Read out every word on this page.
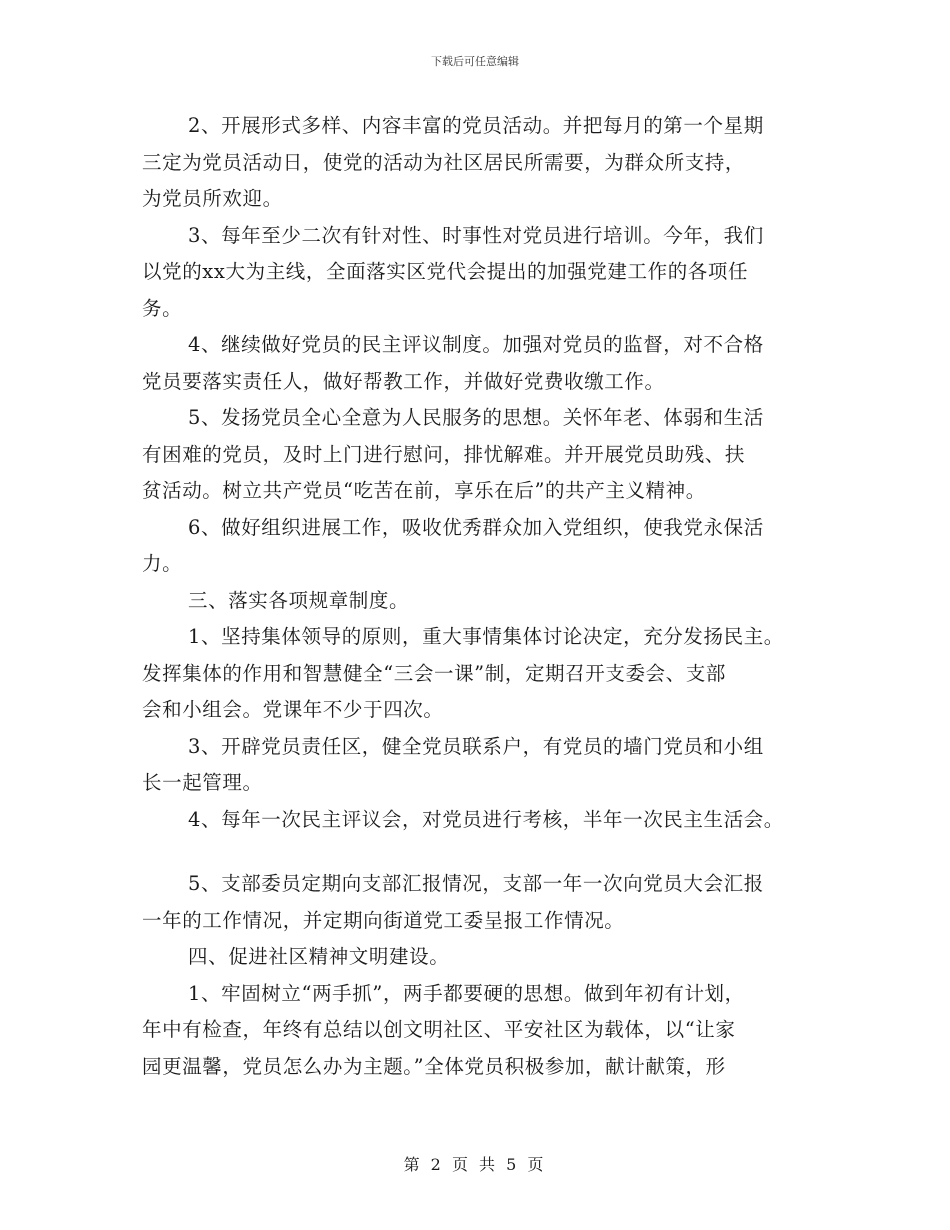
下载后可任意编辑

2、开展形式多样、内容丰富的党员活动。并把每月的第一个星期
三定为党员活动日，使党的活动为社区居民所需要，为群众所支持，
为党员所欢迎。

3、每年至少二次有针对性、时事性对党员进行培训。今年，我们
以党的xx大为主线，全面落实区党代会提出的加强党建工作的各项任
务。

4、继续做好党员的民主评议制度。加强对党员的监督，对不合格
党员要落实责任人，做好帮教工作，并做好党费收缴工作。

5、发扬党员全心全意为人民服务的思想。关怀年老、体弱和生活
有困难的党员，及时上门进行慰问，排忧解难。并开展党员助残、扶
贫活动。树立共产党员“吃苦在前，享乐在后”的共产主义精神。

6、做好组织进展工作，吸收优秀群众加入党组织，使我党永保活
力。

三、落实各项规章制度。

1、坚持集体领导的原则，重大事情集体讨论决定，充分发扬民主。
发挥集体的作用和智慧健全“三会一课”制，定期召开支委会、支部
会和小组会。党课年不少于四次。

3、开辟党员责任区，健全党员联系户，有党员的墙门党员和小组
长一起管理。

4、每年一次民主评议会，对党员进行考核，半年一次民主生活会。

5、支部委员定期向支部汇报情况，支部一年一次向党员大会汇报
一年的工作情况，并定期向街道党工委呈报工作情况。

四、促进社区精神文明建设。

1、牢固树立“两手抓”，两手都要硬的思想。做到年初有计划，
年中有检查，年终有总结以创文明社区、平安社区为载体，以“让家
园更温馨，党员怎么办为主题。”全体党员积极参加，献计献策，形

第 2 页 共 5 页
